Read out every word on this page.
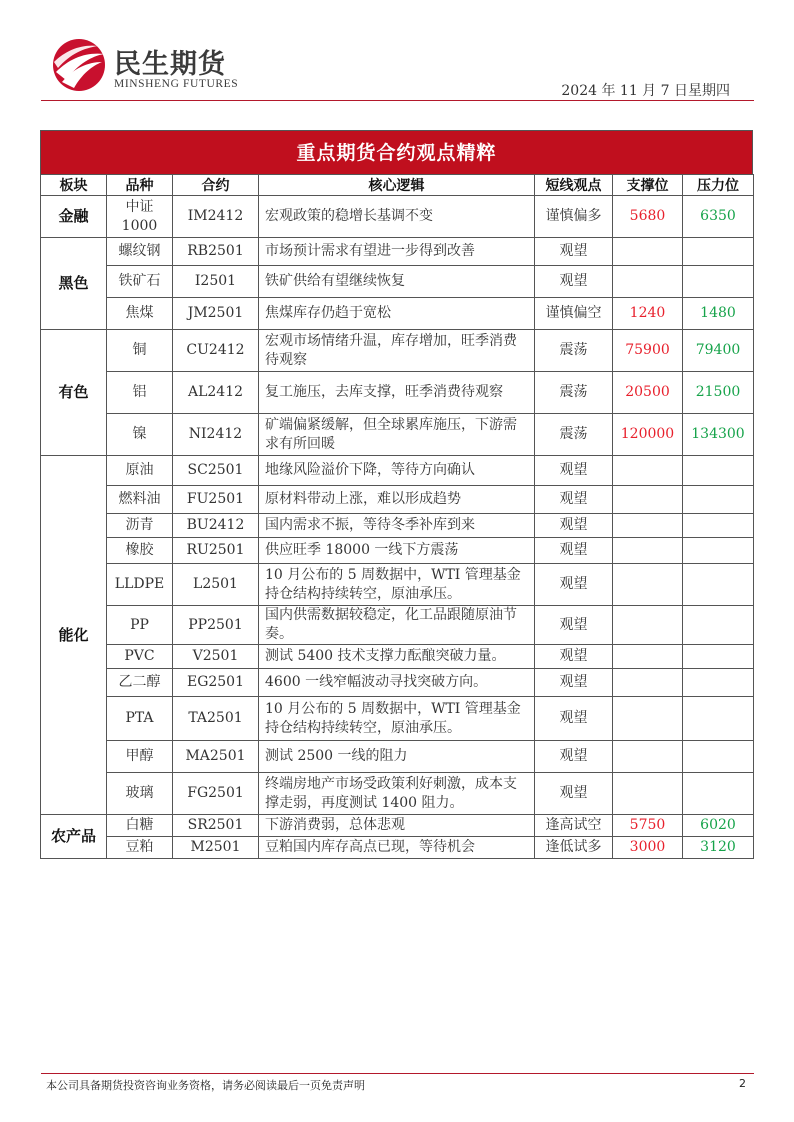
民生期货
MINSHENG FUTURES	2024 年 11 月 7 日星期四
重点期货合约观点精粹
板块	品种	合约	核心逻辑	短线观点	支撑位	压力位
金融	中证 1000	IM2412	宏观政策的稳增长基调不变	谨慎偏多	5680	6350
黑色	螺纹钢	RB2501	市场预计需求有望进一步得到改善	观望		
	铁矿石	I2501	铁矿供给有望继续恢复	观望		
	焦煤	JM2501	焦煤库存仍趋于宽松	谨慎偏空	1240	1480
有色	铜	CU2412	宏观市场情绪升温，库存增加，旺季消费待观察	震荡	75900	79400
	铝	AL2412	复工施压，去库支撑，旺季消费待观察	震荡	20500	21500
	镍	NI2412	矿端偏紧缓解，但全球累库施压，下游需求有所回暖	震荡	120000	134300
能化	原油	SC2501	地缘风险溢价下降，等待方向确认	观望		
	燃料油	FU2501	原材料带动上涨，难以形成趋势	观望		
	沥青	BU2412	国内需求不振，等待冬季补库到来	观望		
	橡胶	RU2501	供应旺季 18000 一线下方震荡	观望		
	LLDPE	L2501	10 月公布的 5 周数据中，WTI 管理基金持仓结构持续转空，原油承压。	观望		
	PP	PP2501	国内供需数据较稳定，化工品跟随原油节奏。	观望		
	PVC	V2501	测试 5400 技术支撑力酝酿突破力量。	观望		
	乙二醇	EG2501	4600 一线窄幅波动寻找突破方向。	观望		
	PTA	TA2501	10 月公布的 5 周数据中，WTI 管理基金持仓结构持续转空，原油承压。	观望		
	甲醇	MA2501	测试 2500 一线的阻力	观望		
	玻璃	FG2501	终端房地产市场受政策利好刺激，成本支撑走弱，再度测试 1400 阻力。	观望		
农产品	白糖	SR2501	下游消费弱，总体悲观	逢高试空	5750	6020
	豆粕	M2501	豆粕国内库存高点已现，等待机会	逢低试多	3000	3120
本公司具备期货投资咨询业务资格，请务必阅读最后一页免责声明	2
